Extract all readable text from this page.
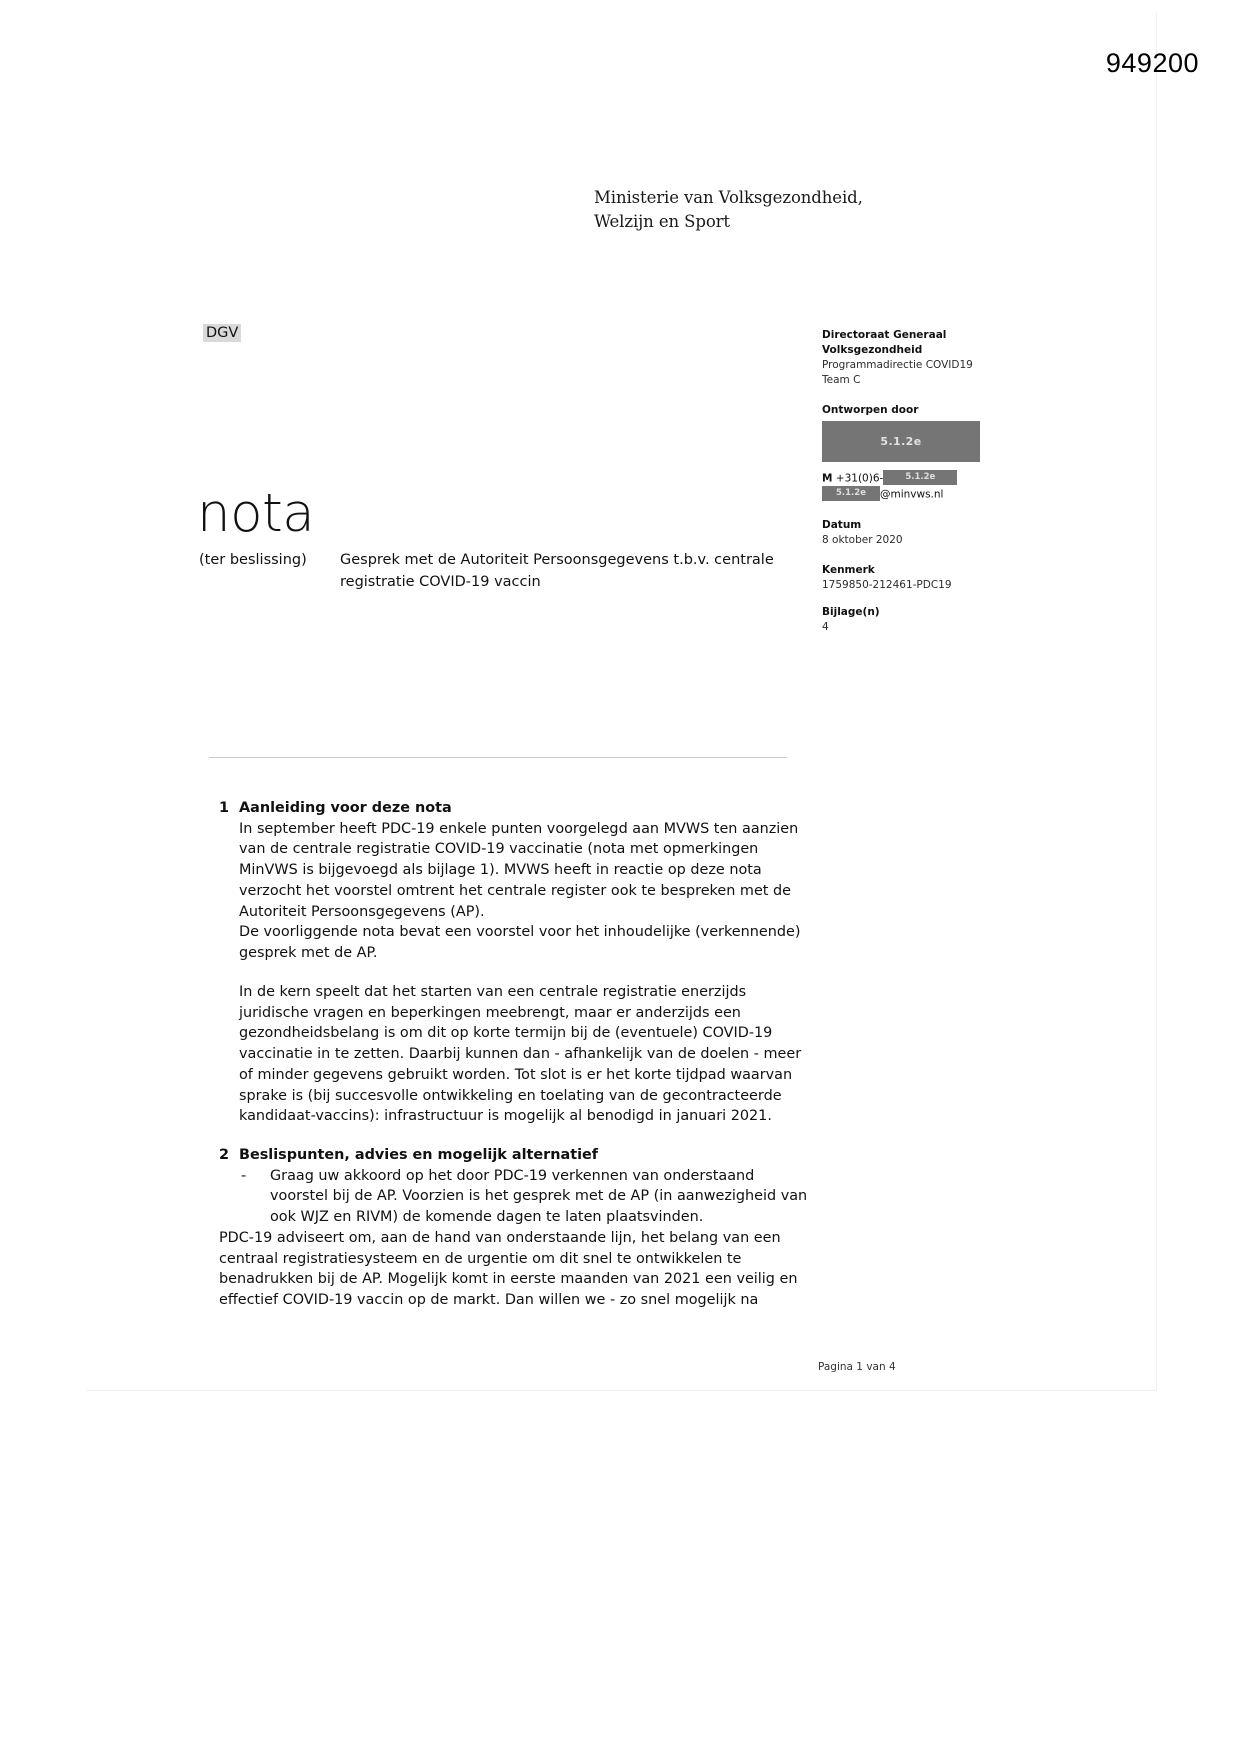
949200
Ministerie van Volksgezondheid,
Welzijn en Sport
DGV	Directoraat Generaal
Volksgezondheid
Programmadirectie COVID19
Team C
Ontworpen door
5.1.2e
M +31(0)6-	5.1.2e
5.1.2e @minvws.nl
Datum
8 oktober 2020
Kenmerk
1759850-212461-PDC19
Bijlage(n)
4
nota
(ter beslissing)	Gesprek met de Autoriteit Persoonsgegevens t.b.v. centrale registratie COVID-19 vaccin
1 Aanleiding voor deze nota

In september heeft PDC-19 enkele punten voorgelegd aan MVWS ten aanzien van de centrale registratie COVID-19 vaccinatie (nota met opmerkingen MinVWS is bijgevoegd als bijlage 1). MVWS heeft in reactie op deze nota verzocht het voorstel omtrent het centrale register ook te bespreken met de Autoriteit Persoonsgegevens (AP).

De voorliggende nota bevat een voorstel voor het inhoudelijke (verkennende) gesprek met de AP.

In de kern speelt dat het starten van een centrale registratie enerzijds juridische vragen en beperkingen meebrengt, maar er anderzijds een gezondheidsbelang is om dit op korte termijn bij de (eventuele) COVID-19 vaccinatie in te zetten. Daarbij kunnen dan - afhankelijk van de doelen - meer of minder gegevens gebruikt worden. Tot slot is er het korte tijdpad waarvan sprake is (bij succesvolle ontwikkeling en toelating van de gecontracteerde kandidaat-vaccins): infrastructuur is mogelijk al benodigd in januari 2021.

2 Beslispunten, advies en mogelijk alternatief
- Graag uw akkoord op het door PDC-19 verkennen van onderstaand voorstel bij de AP. Voorzien is het gesprek met de AP (in aanwezigheid van ook WJZ en RIVM) de komende dagen te laten plaatsvinden.

PDC-19 adviseert om, aan de hand van onderstaande lijn, het belang van een centraal registratiesysteem en de urgentie om dit snel te ontwikkelen te benadrukken bij de AP. Mogelijk komt in eerste maanden van 2021 een veilig en effectief COVID-19 vaccin op de markt. Dan willen we - zo snel mogelijk na

Pagina 1 van 4
